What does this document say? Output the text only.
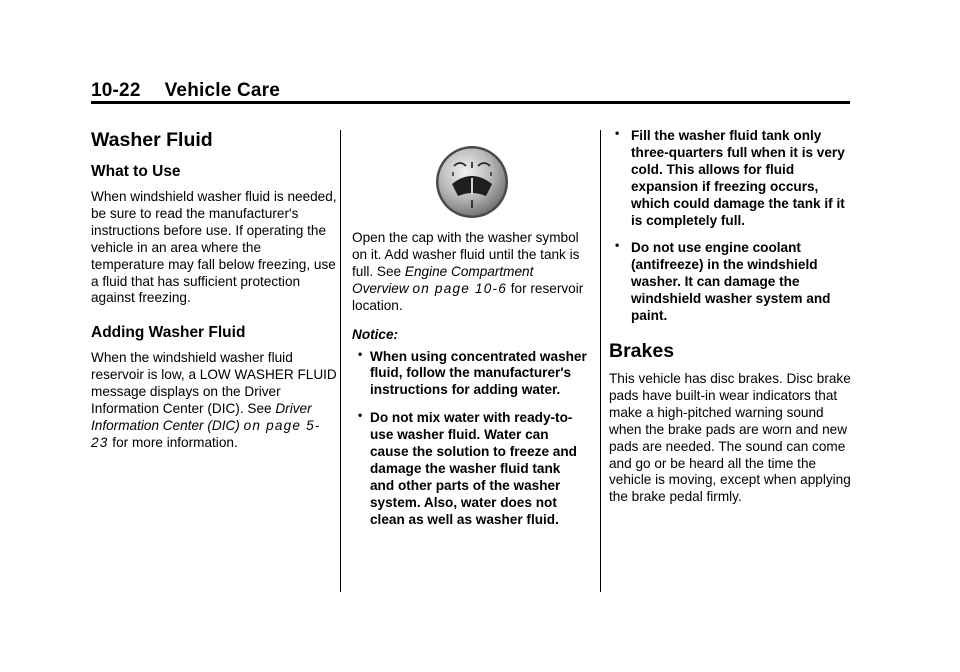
10-22 Vehicle Care
Washer Fluid
What to Use

When windshield washer fluid is needed, be sure to read the manufacturer's instructions before use. If operating the vehicle in an area where the temperature may fall below freezing, use a fluid that has sufficient protection against freezing.

Adding Washer Fluid

When the windshield washer fluid reservoir is low, a LOW WASHER FLUID message displays on the Driver Information Center (DIC). See Driver Information Center (DIC) on page 5-23 for more information.

Open the cap with the washer symbol on it. Add washer fluid until the tank is full. See Engine Compartment Overview on page 10-6 for reservoir location.

Notice:
• When using concentrated washer fluid, follow the manufacturer's instructions for adding water.
• Do not mix water with ready-to-use washer fluid. Water can cause the solution to freeze and damage the washer fluid tank and other parts of the washer system. Also, water does not clean as well as washer fluid.
• Fill the washer fluid tank only three-quarters full when it is very cold. This allows for fluid expansion if freezing occurs, which could damage the tank if it is completely full.
• Do not use engine coolant (antifreeze) in the windshield washer. It can damage the windshield washer system and paint.
Brakes

This vehicle has disc brakes. Disc brake pads have built-in wear indicators that make a high-pitched warning sound when the brake pads are worn and new pads are needed. The sound can come and go or be heard all the time the vehicle is moving, except when applying the brake pedal firmly.
